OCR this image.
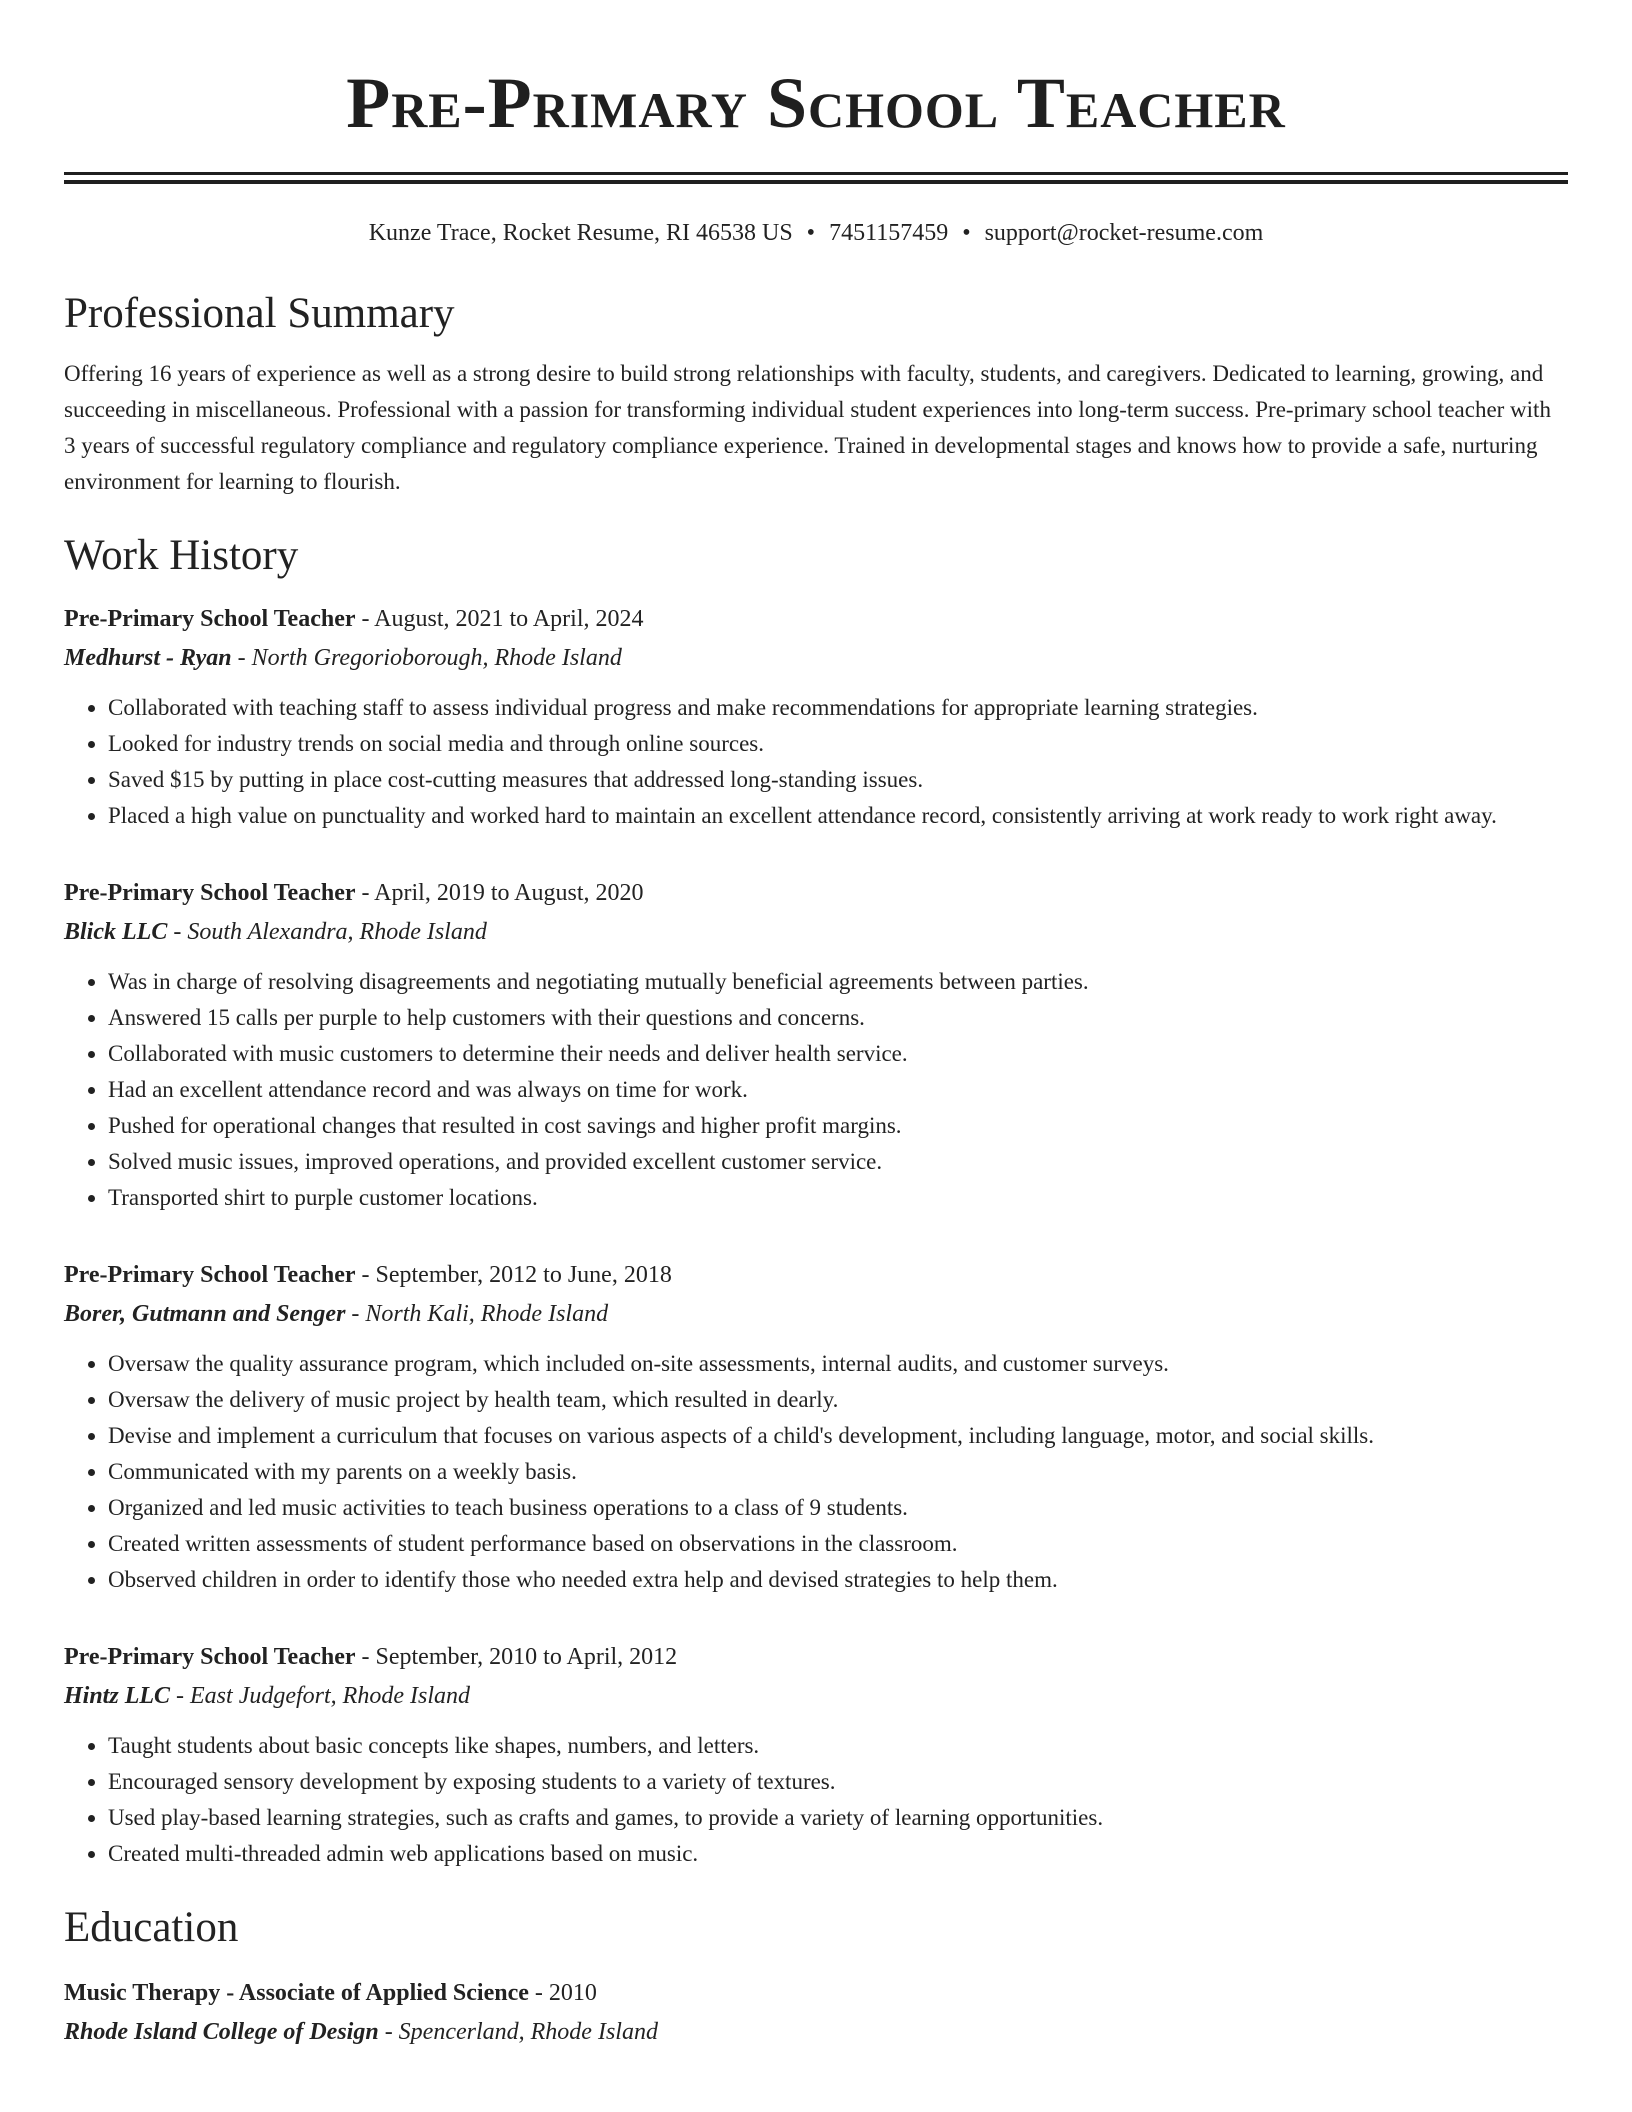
Pre-Primary School Teacher
Kunze Trace, Rocket Resume, RI 46538 US • 7451157459 • support@rocket-resume.com
Professional Summary
Offering 16 years of experience as well as a strong desire to build strong relationships with faculty, students, and caregivers. Dedicated to learning, growing, and succeeding in miscellaneous. Professional with a passion for transforming individual student experiences into long-term success. Pre-primary school teacher with 3 years of successful regulatory compliance and regulatory compliance experience. Trained in developmental stages and knows how to provide a safe, nurturing environment for learning to flourish.
Work History
Pre-Primary School Teacher - August, 2021 to April, 2024
Medhurst - Ryan - North Gregorioborough, Rhode Island
• Collaborated with teaching staff to assess individual progress and make recommendations for appropriate learning strategies.
• Looked for industry trends on social media and through online sources.
• Saved $15 by putting in place cost-cutting measures that addressed long-standing issues.
• Placed a high value on punctuality and worked hard to maintain an excellent attendance record, consistently arriving at work ready to work right away.
Pre-Primary School Teacher - April, 2019 to August, 2020
Blick LLC - South Alexandra, Rhode Island
• Was in charge of resolving disagreements and negotiating mutually beneficial agreements between parties.
• Answered 15 calls per purple to help customers with their questions and concerns.
• Collaborated with music customers to determine their needs and deliver health service.
• Had an excellent attendance record and was always on time for work.
• Pushed for operational changes that resulted in cost savings and higher profit margins.
• Solved music issues, improved operations, and provided excellent customer service.
• Transported shirt to purple customer locations.
Pre-Primary School Teacher - September, 2012 to June, 2018
Borer, Gutmann and Senger - North Kali, Rhode Island
• Oversaw the quality assurance program, which included on-site assessments, internal audits, and customer surveys.
• Oversaw the delivery of music project by health team, which resulted in dearly.
• Devise and implement a curriculum that focuses on various aspects of a child's development, including language, motor, and social skills.
• Communicated with my parents on a weekly basis.
• Organized and led music activities to teach business operations to a class of 9 students.
• Created written assessments of student performance based on observations in the classroom.
• Observed children in order to identify those who needed extra help and devised strategies to help them.
Pre-Primary School Teacher - September, 2010 to April, 2012
Hintz LLC - East Judgefort, Rhode Island
• Taught students about basic concepts like shapes, numbers, and letters.
• Encouraged sensory development by exposing students to a variety of textures.
• Used play-based learning strategies, such as crafts and games, to provide a variety of learning opportunities.
• Created multi-threaded admin web applications based on music.
Education
Music Therapy - Associate of Applied Science - 2010
Rhode Island College of Design - Spencerland, Rhode Island
